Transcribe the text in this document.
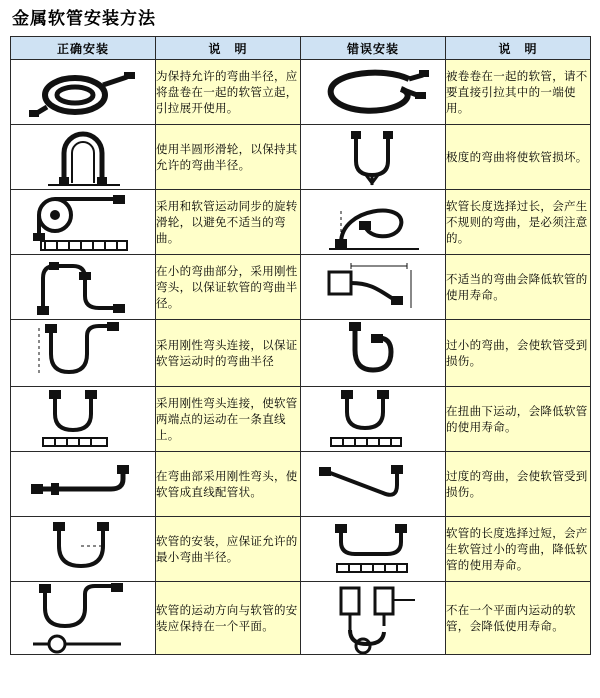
金属软管安装方法
正确安装	说　明	错误安装	说　明

	为保持允许的弯曲半径，应将盘卷在一起的软管立起，引拉展开使用。		被卷卷在一起的软管，请不要直接引拉其中的一端使用。

	使用半圆形滑轮，以保持其允许的弯曲半径。		极度的弯曲将使软管损坏。

	采用和软管运动同步的旋转滑轮，以避免不适当的弯曲。		软管长度选择过长，会产生不规则的弯曲，是必须注意的。

	在小的弯曲部分，采用刚性弯头，以保证软管的弯曲半径。		不适当的弯曲会降低软管的使用寿命。

	采用刚性弯头连接，以保证软管运动时的弯曲半径		过小的弯曲，会使软管受到损伤。

	采用刚性弯头连接，使软管两端点的运动在一条直线上。		在扭曲下运动，会降低软管的使用寿命。

	在弯曲部采用刚性弯头，使软管成直线配管状。		过度的弯曲，会使软管受到损伤。

	软管的安装，应保证允许的最小弯曲半径。		软管的长度选择过短，会产生软管过小的弯曲，降低软管的使用寿命。

	软管的运动方向与软管的安装应保持在一个平面。		不在一个平面内运动的软管，会降低使用寿命。
